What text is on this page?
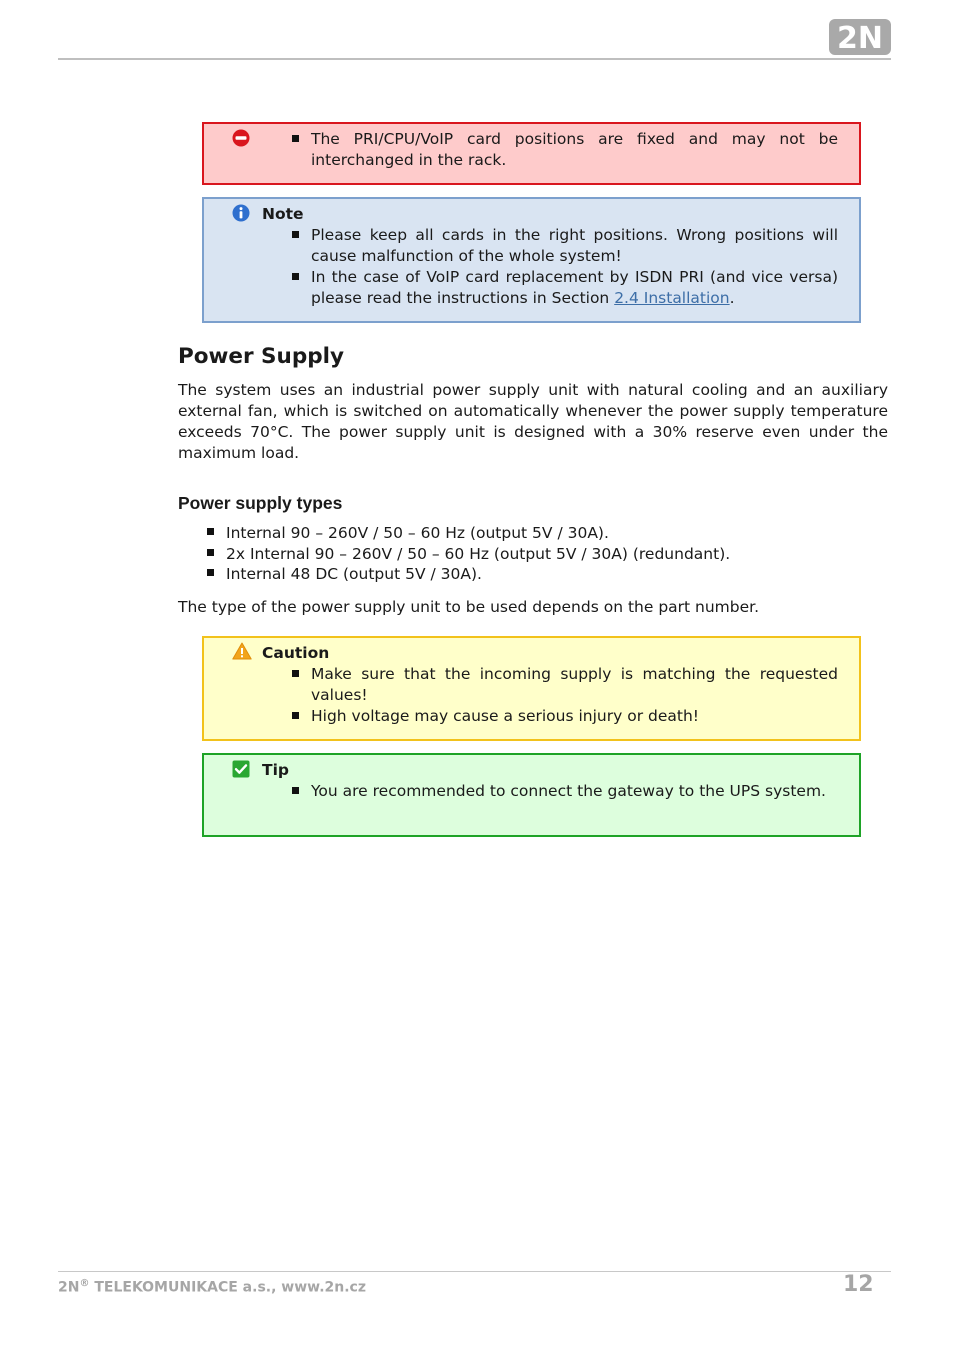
2N
The PRI/CPU/VoIP card positions are fixed and may not be interchanged in the rack.
Note
Please keep all cards in the right positions. Wrong positions will cause malfunction of the whole system!
In the case of VoIP card replacement by ISDN PRI (and vice versa) please read the instructions in Section 2.4 Installation.
Power Supply
The system uses an industrial power supply unit with natural cooling and an auxiliary external fan, which is switched on automatically whenever the power supply temperature exceeds 70°C. The power supply unit is designed with a 30% reserve even under the maximum load.
Power supply types
Internal 90 – 260V / 50 – 60 Hz (output 5V / 30A).
2x Internal 90 – 260V / 50 – 60 Hz (output 5V / 30A) (redundant).
Internal 48 DC (output 5V / 30A).
The type of the power supply unit to be used depends on the part number.
Caution
Make sure that the incoming supply is matching the requested values!
High voltage may cause a serious injury or death!
Tip
You are recommended to connect the gateway to the UPS system.
2N® TELEKOMUNIKACE a.s., www.2n.cz	12
